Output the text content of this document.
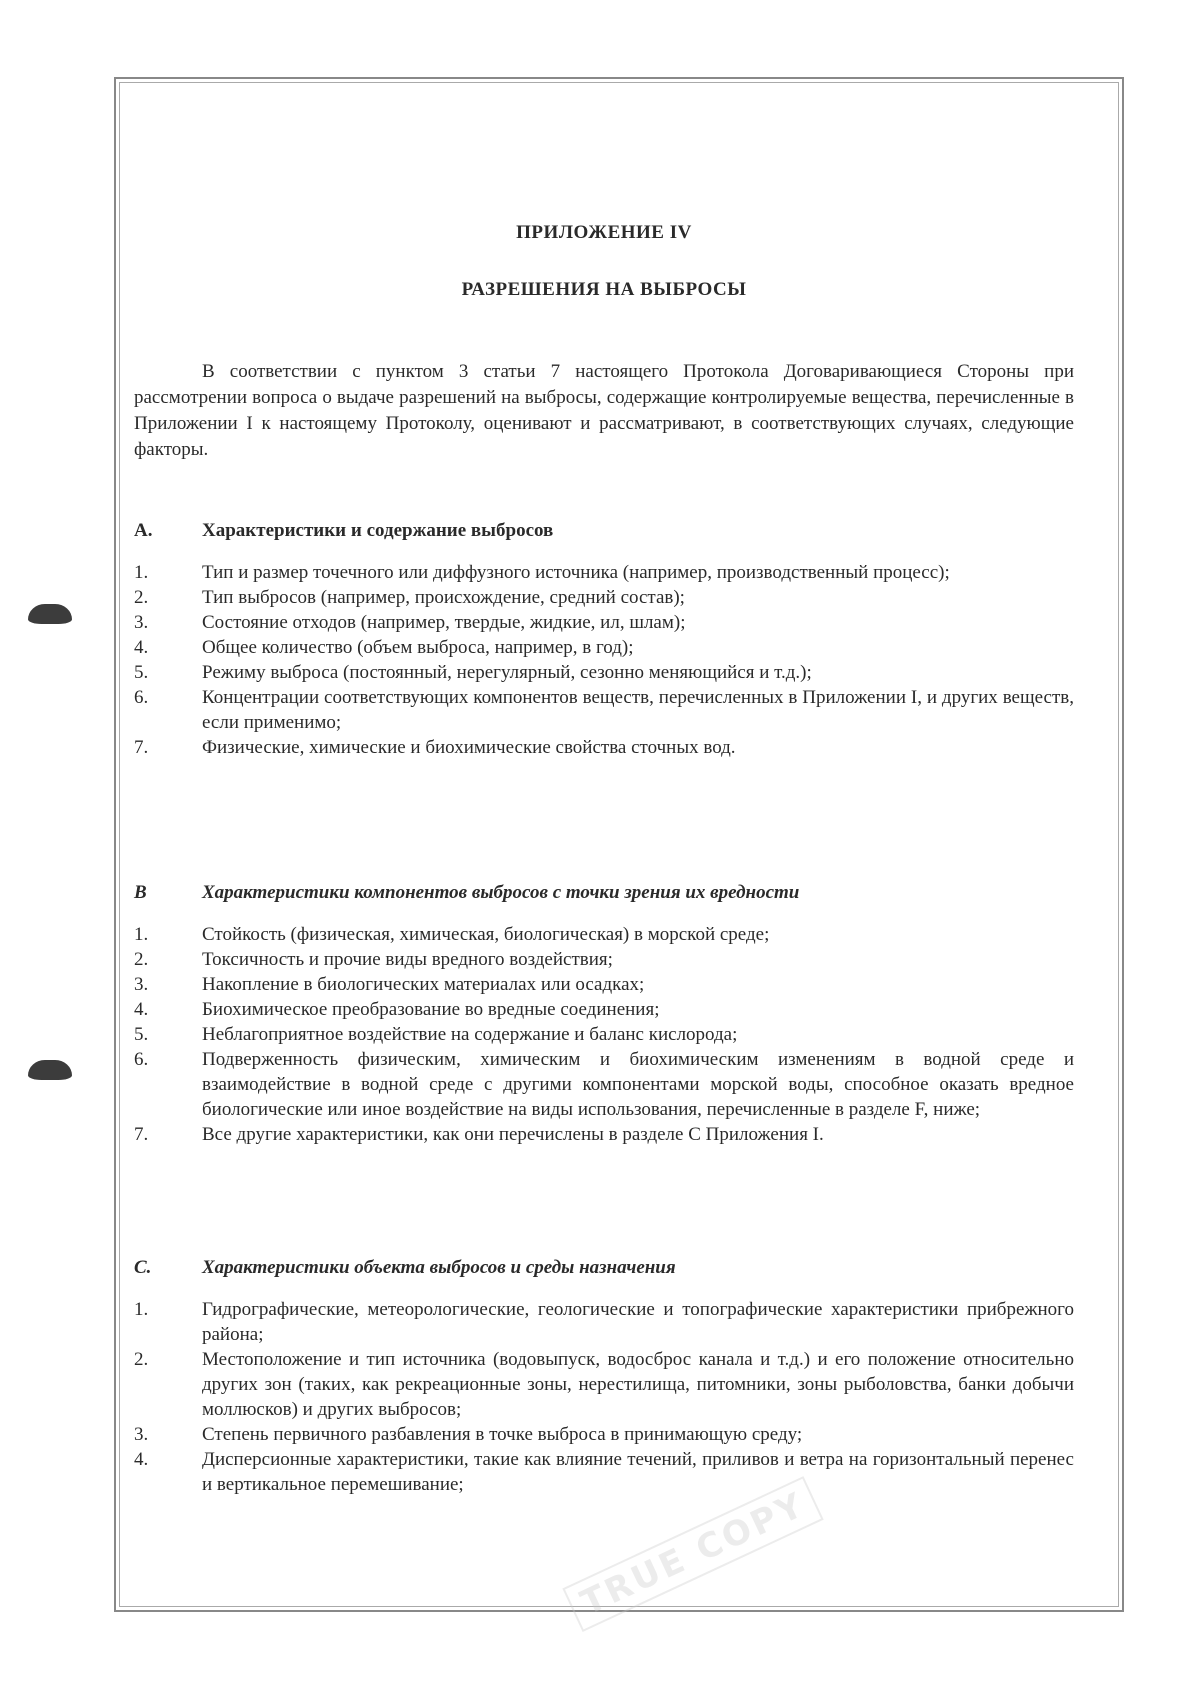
ПРИЛОЖЕНИЕ IV
РАЗРЕШЕНИЯ НА ВЫБРОСЫ

В соответствии с пунктом 3 статьи 7 настоящего Протокола Договаривающиеся Стороны при рассмотрении вопроса о выдаче разрешений на выбросы, содержащие контролируемые вещества, перечисленные в Приложении I к настоящему Протоколу, оценивают и рассматривают, в соответствующих случаях, следующие факторы.

A.	Характеристики и содержание выбросов
1.	Тип и размер точечного или диффузного источника (например, производственный процесс);
2.	Тип выбросов (например, происхождение, средний состав);
3.	Состояние отходов (например, твердые, жидкие, ил, шлам);
4.	Общее количество (объем выброса, например, в год);
5.	Режиму выброса (постоянный, нерегулярный, сезонно меняющийся и т.д.);
6.	Концентрации соответствующих компонентов веществ, перечисленных в Приложении I, и других веществ, если применимо;
7.	Физические, химические и биохимические свойства сточных вод.
B	Характеристики компонентов выбросов с точки зрения их вредности
1.	Стойкость (физическая, химическая, биологическая) в морской среде;
2.	Токсичность и прочие виды вредного воздействия;
3.	Накопление в биологических материалах или осадках;
4.	Биохимическое преобразование во вредные соединения;
5.	Неблагоприятное воздействие на содержание и баланс кислорода;
6.	Подверженность физическим, химическим и биохимическим изменениям в водной среде и взаимодействие в водной среде с другими компонентами морской воды, способное оказать вредное биологические или иное воздействие на виды использования, перечисленные в разделе F, ниже;
7.	Все другие характеристики, как они перечислены в разделе С Приложения I.
C.	Характеристики объекта выбросов и среды назначения
1.	Гидрографические, метеорологические, геологические и топографические характеристики прибрежного района;
2.	Местоположение и тип источника (водовыпуск, водосброс канала и т.д.) и его положение относительно других зон (таких, как рекреационные зоны, нерестилища, питомники, зоны рыболовства, банки добычи моллюсков) и других выбросов;
3.	Степень первичного разбавления в точке выброса в принимающую среду;
4.	Дисперсионные характеристики, такие как влияние течений, приливов и ветра на горизонтальный перенес и вертикальное перемешивание;
TRUE COPY
